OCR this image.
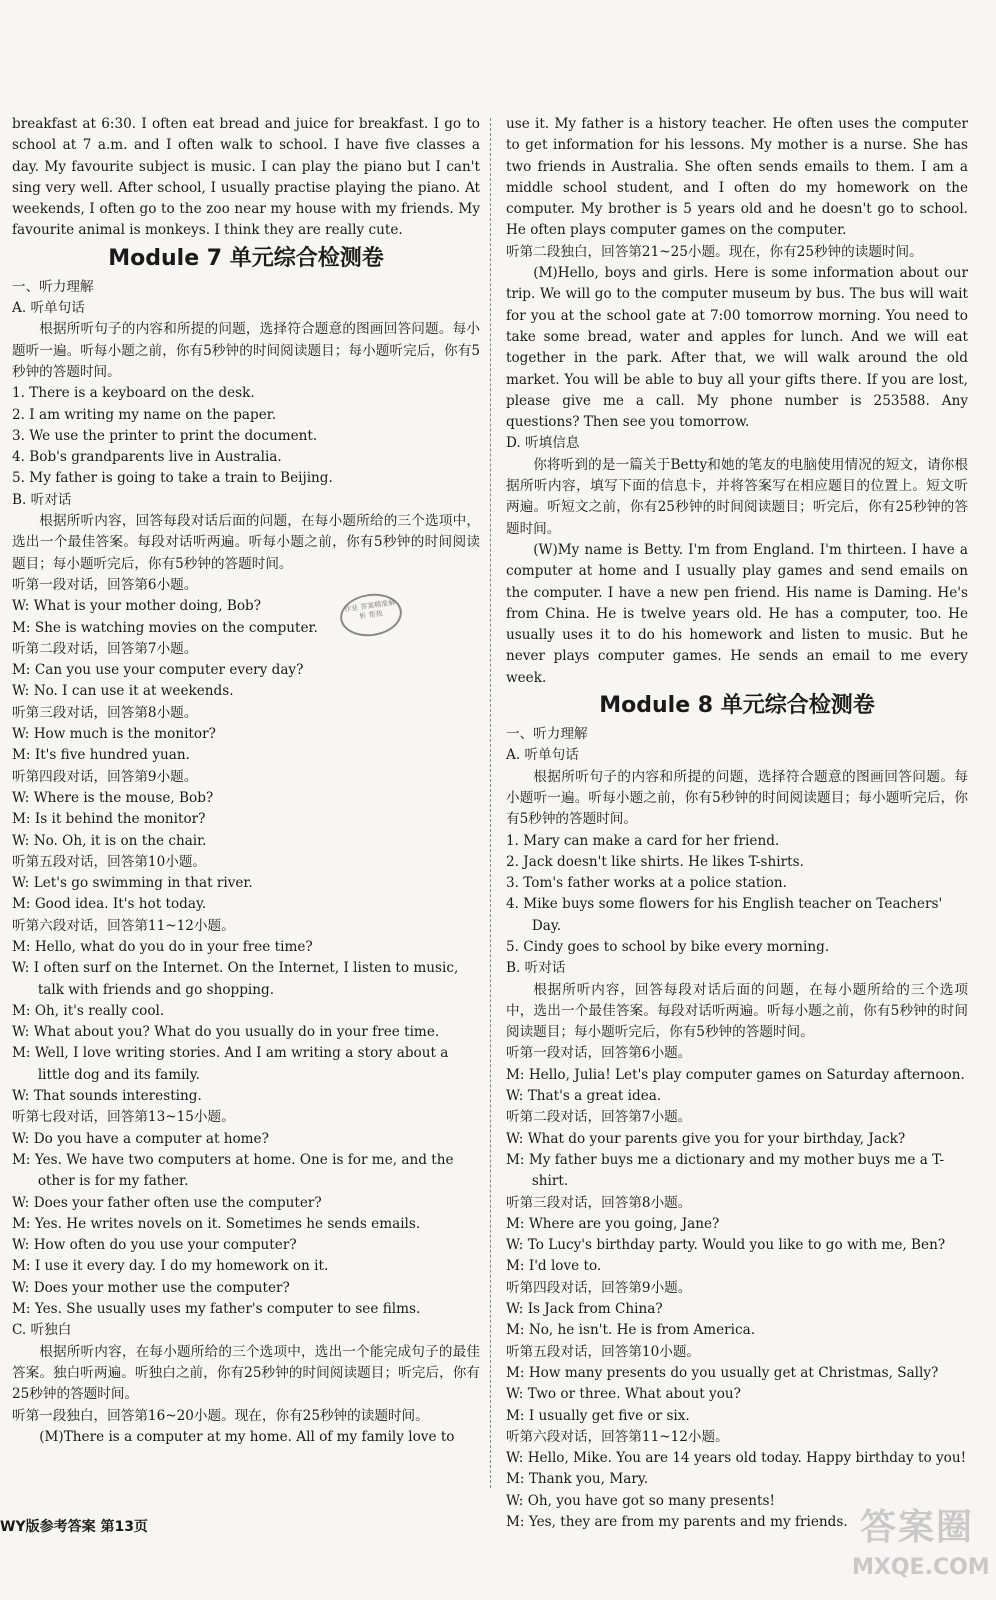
breakfast at 6:30. I often eat bread and juice for breakfast. I go to school at 7 a.m. and I often walk to school. I have five classes a day. My favourite subject is music. I can play the piano but I can't sing very well. After school, I usually practise playing the piano. At weekends, I often go to the zoo near my house with my friends. My favourite animal is monkeys. I think they are really cute.

Module 7 单元综合检测卷

一、听力理解

A. 听单句话

根据所听句子的内容和所提的问题，选择符合题意的图画回答问题。每小题听一遍。听每小题之前，你有5秒钟的时间阅读题目；每小题听完后，你有5秒钟的答题时间。

1. There is a keyboard on the desk.

2. I am writing my name on the paper.

3. We use the printer to print the document.

4. Bob's grandparents live in Australia.

5. My father is going to take a train to Beijing.

B. 听对话

根据所听内容，回答每段对话后面的问题，在每小题所给的三个选项中，选出一个最佳答案。每段对话听两遍。听每小题之前，你有5秒钟的时间阅读题目；每小题听完后，你有5秒钟的答题时间。

听第一段对话，回答第6小题。

W: What is your mother doing, Bob?

M: She is watching movies on the computer.

听第二段对话，回答第7小题。

M: Can you use your computer every day?

W: No. I can use it at weekends.

听第三段对话，回答第8小题。

W: How much is the monitor?

M: It's five hundred yuan.

听第四段对话，回答第9小题。

W: Where is the mouse, Bob?

M: Is it behind the monitor?

W: No. Oh, it is on the chair.

听第五段对话，回答第10小题。

W: Let's go swimming in that river.

M: Good idea. It's hot today.

听第六段对话，回答第11~12小题。

M: Hello, what do you do in your free time?

W: I often surf on the Internet. On the Internet, I listen to music, talk with friends and go shopping.

M: Oh, it's really cool.

W: What about you? What do you usually do in your free time.

M: Well, I love writing stories. And I am writing a story about a little dog and its family.

W: That sounds interesting.

听第七段对话，回答第13~15小题。

W: Do you have a computer at home?

M: Yes. We have two computers at home. One is for me, and the other is for my father.

W: Does your father often use the computer?

M: Yes. He writes novels on it. Sometimes he sends emails.

W: How often do you use your computer?

M: I use it every day. I do my homework on it.

W: Does your mother use the computer?

M: Yes. She usually uses my father's computer to see films.

C. 听独白

根据所听内容，在每小题所给的三个选项中，选出一个能完成句子的最佳答案。独白听两遍。听独白之前，你有25秒钟的时间阅读题目；听完后，你有25秒钟的答题时间。

听第一段独白，回答第16~20小题。现在，你有25秒钟的读题时间。

(M)There is a computer at my home. All of my family love to

作业 答案精准解析 帮我

use it. My father is a history teacher. He often uses the computer to get information for his lessons. My mother is a nurse. She has two friends in Australia. She often sends emails to them. I am a middle school student, and I often do my homework on the computer. My brother is 5 years old and he doesn't go to school. He often plays computer games on the computer.

听第二段独白，回答第21~25小题。现在，你有25秒钟的读题时间。

(M)Hello, boys and girls. Here is some information about our trip. We will go to the computer museum by bus. The bus will wait for you at the school gate at 7:00 tomorrow morning. You need to take some bread, water and apples for lunch. And we will eat together in the park. After that, we will walk around the old market. You will be able to buy all your gifts there. If you are lost, please give me a call. My phone number is 253588. Any questions? Then see you tomorrow.

D. 听填信息

你将听到的是一篇关于Betty和她的笔友的电脑使用情况的短文，请你根据所听内容，填写下面的信息卡，并将答案写在相应题目的位置上。短文听两遍。听短文之前，你有25秒钟的时间阅读题目；听完后，你有25秒钟的答题时间。

(W)My name is Betty. I'm from England. I'm thirteen. I have a computer at home and I usually play games and send emails on the computer. I have a new pen friend. His name is Daming. He's from China. He is twelve years old. He has a computer, too. He usually uses it to do his homework and listen to music. But he never plays computer games. He sends an email to me every week.

Module 8 单元综合检测卷

一、听力理解

A. 听单句话

根据所听句子的内容和所提的问题，选择符合题意的图画回答问题。每小题听一遍。听每小题之前，你有5秒钟的时间阅读题目；每小题听完后，你有5秒钟的答题时间。

1. Mary can make a card for her friend.

2. Jack doesn't like shirts. He likes T-shirts.

3. Tom's father works at a police station.

4. Mike buys some flowers for his English teacher on Teachers' Day.

5. Cindy goes to school by bike every morning.

B. 听对话

根据所听内容，回答每段对话后面的问题，在每小题所给的三个选项中，选出一个最佳答案。每段对话听两遍。听每小题之前，你有5秒钟的时间阅读题目；每小题听完后，你有5秒钟的答题时间。

听第一段对话，回答第6小题。

M: Hello, Julia! Let's play computer games on Saturday afternoon.

W: That's a great idea.

听第二段对话，回答第7小题。

W: What do your parents give you for your birthday, Jack?

M: My father buys me a dictionary and my mother buys me a T-shirt.

听第三段对话，回答第8小题。

M: Where are you going, Jane?

W: To Lucy's birthday party. Would you like to go with me, Ben?

M: I'd love to.

听第四段对话，回答第9小题。

W: Is Jack from China?

M: No, he isn't. He is from America.

听第五段对话，回答第10小题。

M: How many presents do you usually get at Christmas, Sally?

W: Two or three. What about you?

M: I usually get five or six.

听第六段对话，回答第11~12小题。

W: Hello, Mike. You are 14 years old today. Happy birthday to you!

M: Thank you, Mary.

W: Oh, you have got so many presents!

M: Yes, they are from my parents and my friends.

WY版参考答案 第13页	答案圈
MXQE.COM
